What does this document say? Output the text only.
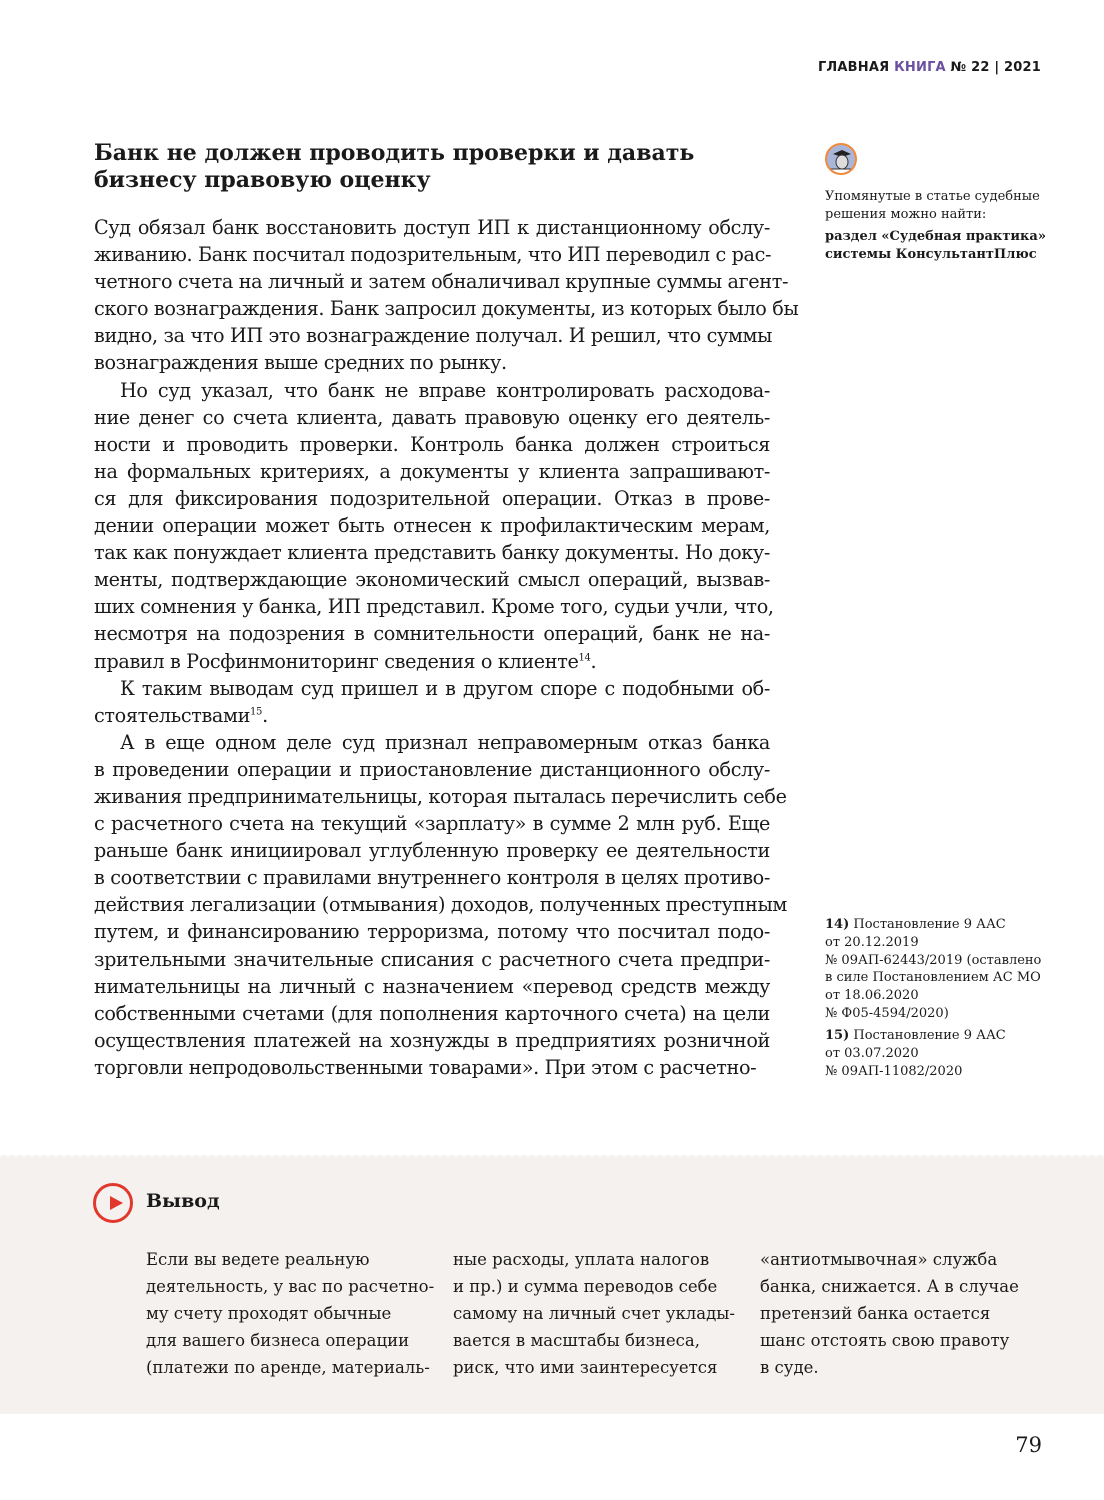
ГЛАВНАЯ КНИГА № 22 | 2021
Банк не должен проводить проверки и давать
бизнесу правовую оценку
Суд обязал банк восстановить доступ ИП к дистанционному обслу-
живанию. Банк посчитал подозрительным, что ИП переводил с рас-
четного счета на личный и затем обналичивал крупные суммы агент-
ского вознаграждения. Банк запросил документы, из которых было бы
видно, за что ИП это вознаграждение получал. И решил, что суммы
вознаграждения выше средних по рынку.
Но суд указал, что банк не вправе контролировать расходова-
ние денег со счета клиента, давать правовую оценку его деятель-
ности и проводить проверки. Контроль банка должен строиться
на формальных критериях, а документы у клиента запрашивают-
ся для фиксирования подозрительной операции. Отказ в прове-
дении операции может быть отнесен к профилактическим мерам,
так как понуждает клиента представить банку документы. Но доку-
менты, подтверждающие экономический смысл операций, вызвав-
ших сомнения у банка, ИП представил. Кроме того, судьи учли, что,
несмотря на подозрения в сомнительности операций, банк не на-
правил в Росфинмониторинг сведения о клиенте$^{14}$.
К таким выводам суд пришел и в другом споре с подобными об-
стоятельствами$^{15}$.
А в еще одном деле суд признал неправомерным отказ банка
в проведении операции и приостановление дистанционного обслу-
живания предпринимательницы, которая пыталась перечислить себе
с расчетного счета на текущий «зарплату» в сумме 2 млн руб. Еще
раньше банк инициировал углубленную проверку ее деятельности
в соответствии с правилами внутреннего контроля в целях противо-
действия легализации (отмывания) доходов, полученных преступным
путем, и финансированию терроризма, потому что посчитал подо-
зрительными значительные списания с расчетного счета предпри-
нимательницы на личный с назначением «перевод средств между
собственными счетами (для пополнения карточного счета) на цели
осуществления платежей на хознужды в предприятиях розничной
торговли непродовольственными товарами». При этом с расчетно-
Упомянутые в статье судебные
решения можно найти:
раздел «Судебная практика»
системы КонсультантПлюс
14) Постановление 9 ААС
от 20.12.2019
№ 09АП-62443/2019 (оставлено
в силе Постановлением АС МО
от 18.06.2020
№ Ф05-4594/2020)
15) Постановление 9 ААС
от 03.07.2020
№ 09АП-11082/2020
Вывод
Если вы ведете реальную
деятельность, у вас по расчетно-
му счету проходят обычные
для вашего бизнеса операции
(платежи по аренде, материаль-
ные расходы, уплата налогов
и пр.) и сумма переводов себе
самому на личный счет уклады-
вается в масштабы бизнеса,
риск, что ими заинтересуется
«антиотмывочная» служба
банка, снижается. А в случае
претензий банка остается
шанс отстоять свою правоту
в суде.
79
